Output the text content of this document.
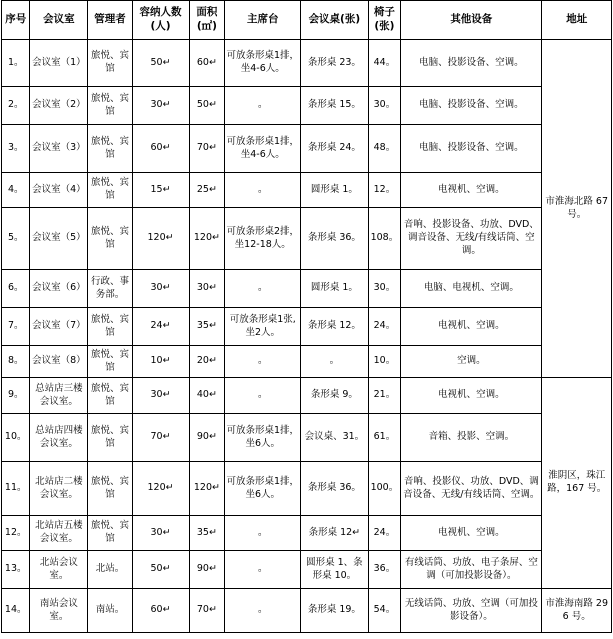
序号	会议室	管理者	容纳人数(人)	面积(㎡)	主席台	会议桌(张)	椅子(张)	其他设备	地址
1。	会议室（1）	旅悦、宾馆	50↵	60↵	可放条形桌1排，坐4-6人。	条形桌 23。	44。	电脑、投影设备、空调。	市淮海北路 67 号。
2。	会议室（2）	旅悦、宾馆	30↵	50↵	。	条形桌 15。	30。	电脑、投影设备、空调。	
3。	会议室（3）	旅悦、宾馆	60↵	70↵	可放条形桌1排，坐4-6人。	条形桌 24。	48。	电脑、投影设备、空调。	
4。	会议室（4）	旅悦、宾馆	15↵	25↵	。	圆形桌 1。	12。	电视机、空调。	
5。	会议室（5）	旅悦、宾馆	120↵	120↵	可放条形桌2排，坐12-18人。	条形桌 36。	108。	音响、投影设备、功放、DVD、调音设备、无线/有线话筒、空调。	
6。	会议室（6）	行政、事务部。	30↵	30↵	。	圆形桌 1。	30。	电脑、电视机、空调。	
7。	会议室（7）	旅悦、宾馆	24↵	35↵	可放条形桌1张,坐2人。	条形桌 12。	24。	电视机、空调。	
8。	会议室（8）	旅悦、宾馆	10↵	20↵	。	。	10。	空调。	
9。	总站店三楼会议室。	旅悦、宾馆	30↵	40↵	。	条形桌 9。	21。	电视机、空调。	淮阴区，珠江路，167 号。
10。	总站店四楼会议室。	旅悦、宾馆	70↵	90↵	可放条形桌1排，坐6人。	会议桌、31。	61。	音箱、投影、空调。	
11。	北站店二楼会议室。	旅悦、宾馆	120↵	120↵	可放条形桌1排，坐6人。	条形桌 36。	100。	音响、投影仪、功放、DVD、调音设备、无线/有线话筒、空调。	
12。	北站店五楼会议室。	旅悦、宾馆	30↵	35↵	。	条形桌 12↵	24。	电视机、空调。	
13。	北站会议室。	北站。	50↵	90↵	。	圆形桌 1、条形桌 10。	36。	有线话筒、功放、电子条屏、空调（可加投影设备）。	
14。	南站会议室。	南站。	60↵	70↵	。	条形桌 19。	54。	无线话筒、功放、空调（可加投影设备）。	市淮海南路 296 号。
